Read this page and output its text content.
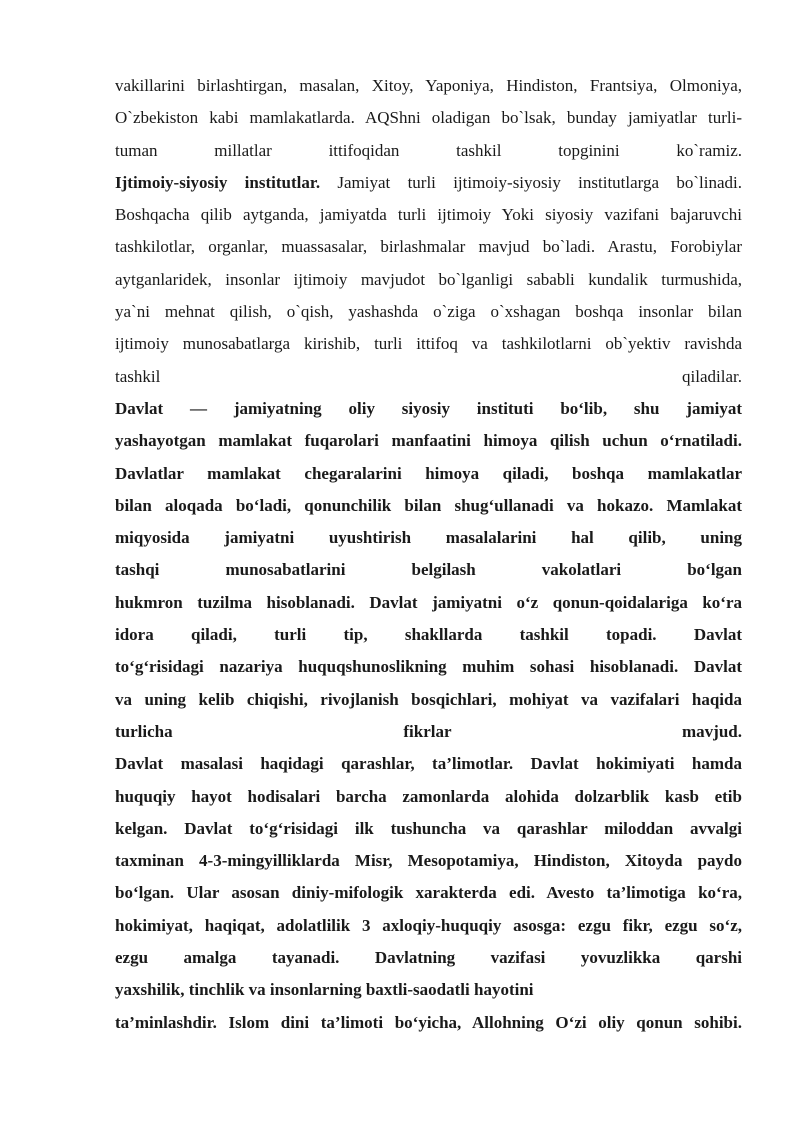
vakillarini birlashtirgan, masalan, Xitoy, Yaponiya, Hindiston, Frantsiya, Olmoniya,
O`zbekiston kabi mamlakatlarda. AQShni oladigan bo`lsak, bunday jamiyatlar turli-
tuman millatlar ittifoqidan tashkil topginini ko`ramiz.
Ijtimoiy-siyosiy institutlar. Jamiyat turli ijtimoiy-siyosiy institutlarga bo`linadi.
Boshqacha qilib aytganda, jamiyatda turli ijtimoiy Yoki siyosiy vazifani bajaruvchi
tashkilotlar, organlar, muassasalar, birlashmalar mavjud bo`ladi. Arastu, Forobiylar
aytganlaridek, insonlar ijtimoiy mavjudot bo`lganligi sababli kundalik turmushida,
ya`ni mehnat qilish, o`qish, yashashda o`ziga o`xshagan boshqa insonlar bilan
ijtimoiy munosabatlarga kirishib, turli ittifoq va tashkilotlarni ob`yektiv ravishda
tashkil qiladilar.
Davlat — jamiyatning oliy siyosiy instituti bo‘lib, shu jamiyat
yashayotgan mamlakat fuqarolari manfaatini himoya qilish uchun o‘rnatiladi.
Davlatlar mamlakat chegaralarini himoya qiladi, boshqa mamlakatlar
bilan aloqada bo‘ladi, qonunchilik bilan shug‘ullanadi va hokazo. Mamlakat
miqyosida jamiyatni uyushtirish masalalarini hal qilib, uning
tashqi munosabatlarini belgilash vakolatlari bo‘lgan
hukmron tuzilma hisoblanadi. Davlat jamiyatni o‘z qonun-qoidalariga ko‘ra
idora qiladi, turli tip, shakllarda tashkil topadi. Davlat
to‘g‘risidagi nazariya huquqshunoslikning muhim sohasi hisoblanadi. Davlat
va uning kelib chiqishi, rivojlanish bosqichlari, mohiyat va vazifalari haqida
turlicha fikrlar mavjud.
Davlat masalasi haqidagi qarashlar, ta’limotlar. Davlat hokimiyati hamda
huquqiy hayot hodisalari barcha zamonlarda alohida dolzarblik kasb etib
kelgan. Davlat to‘g‘risidagi ilk tushuncha va qarashlar miloddan avvalgi
taxminan 4-3-mingyilliklarda Misr, Mesopotamiya, Hindiston, Xitoyda paydo
bo‘lgan. Ular asosan diniy-mifologik xarakterda edi. Avesto ta’limotiga ko‘ra,
hokimiyat, haqiqat, adolatlilik 3 axloqiy-huquqiy asosga: ezgu fikr, ezgu so‘z,
ezgu amalga tayanadi. Davlatning vazifasi yovuzlikka qarshi
yaxshilik, tinchlik va insonlarning baxtli-saodatli hayotini
ta’minlashdir. Islom dini ta’limoti bo‘yicha, Allohning O‘zi oliy qonun sohibi.
